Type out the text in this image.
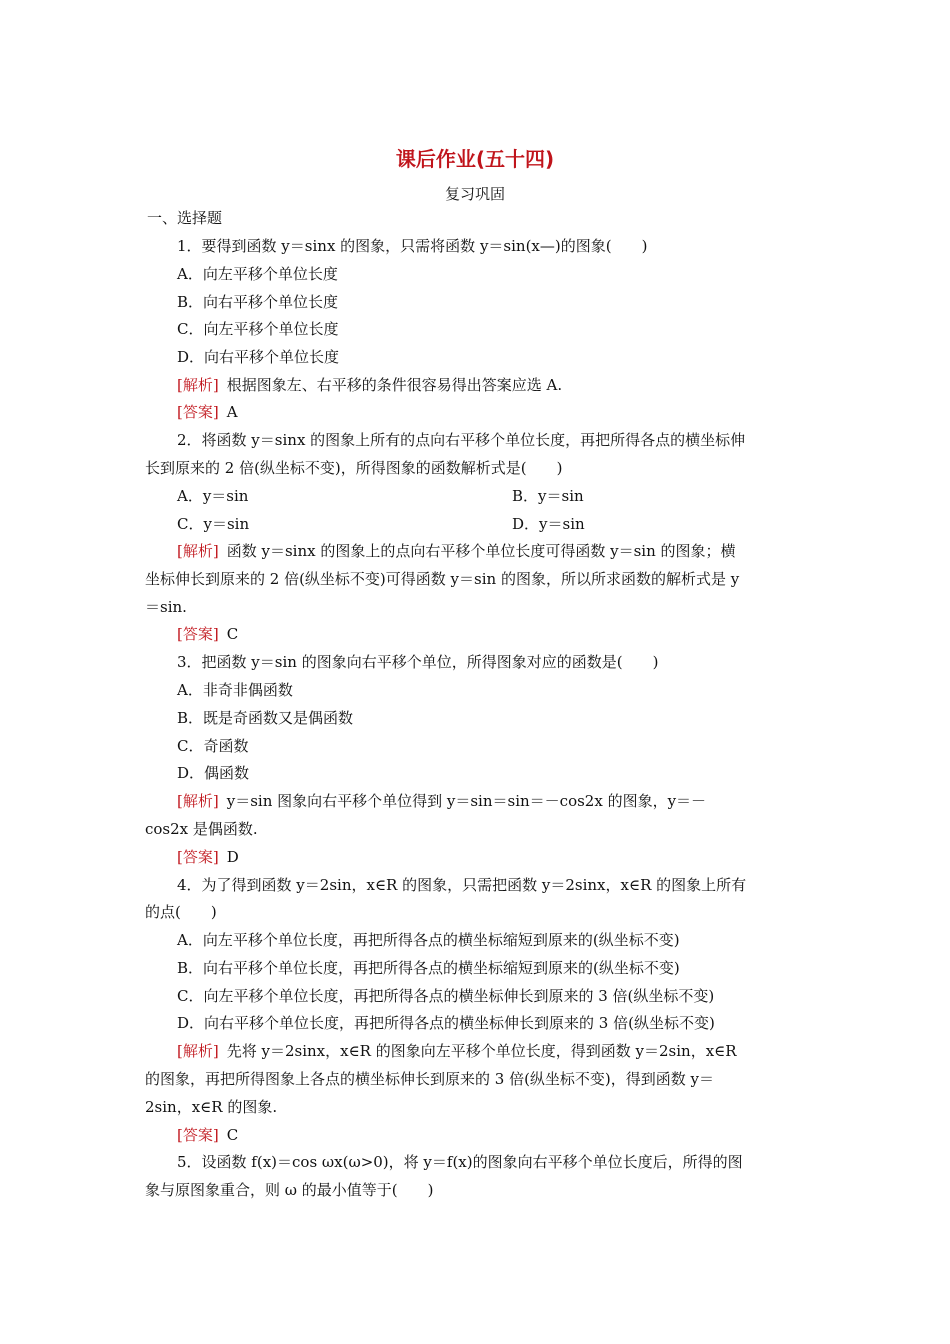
课后作业(五十四)
复习巩固
一、选择题
1．要得到函数 y＝sinx 的图象，只需将函数 y＝sin(x—)的图象(　　)
A．向左平移个单位长度
B．向右平移个单位长度
C．向左平移个单位长度
D．向右平移个单位长度
[解析] 根据图象左、右平移的条件很容易得出答案应选 A.
[答案] A
2．将函数 y＝sinx 的图象上所有的点向右平移个单位长度，再把所得各点的横坐标伸
长到原来的 2 倍(纵坐标不变)，所得图象的函数解析式是(　　)
A．y＝sin	B．y＝sin
C．y＝sin	D．y＝sin
[解析] 函数 y＝sinx 的图象上的点向右平移个单位长度可得函数 y＝sin 的图象；横
坐标伸长到原来的 2 倍(纵坐标不变)可得函数 y＝sin 的图象，所以所求函数的解析式是 y
＝sin.
[答案] C
3．把函数 y＝sin 的图象向右平移个单位，所得图象对应的函数是(　　)
A．非奇非偶函数
B．既是奇函数又是偶函数
C．奇函数
D．偶函数
[解析] y＝sin 图象向右平移个单位得到 y＝sin＝sin＝－cos2x 的图象，y＝－
cos2x 是偶函数.
[答案] D
4．为了得到函数 y＝2sin，x∈R 的图象，只需把函数 y＝2sinx，x∈R 的图象上所有
的点(　　)
A．向左平移个单位长度，再把所得各点的横坐标缩短到原来的(纵坐标不变)
B．向右平移个单位长度，再把所得各点的横坐标缩短到原来的(纵坐标不变)
C．向左平移个单位长度，再把所得各点的横坐标伸长到原来的 3 倍(纵坐标不变)
D．向右平移个单位长度，再把所得各点的横坐标伸长到原来的 3 倍(纵坐标不变)
[解析] 先将 y＝2sinx，x∈R 的图象向左平移个单位长度，得到函数 y＝2sin，x∈R
的图象，再把所得图象上各点的横坐标伸长到原来的 3 倍(纵坐标不变)，得到函数 y＝
2sin，x∈R 的图象.
[答案] C
5．设函数 f(x)＝cos ωx(ω>0)，将 y＝f(x)的图象向右平移个单位长度后，所得的图
象与原图象重合，则 ω 的最小值等于(　　)
